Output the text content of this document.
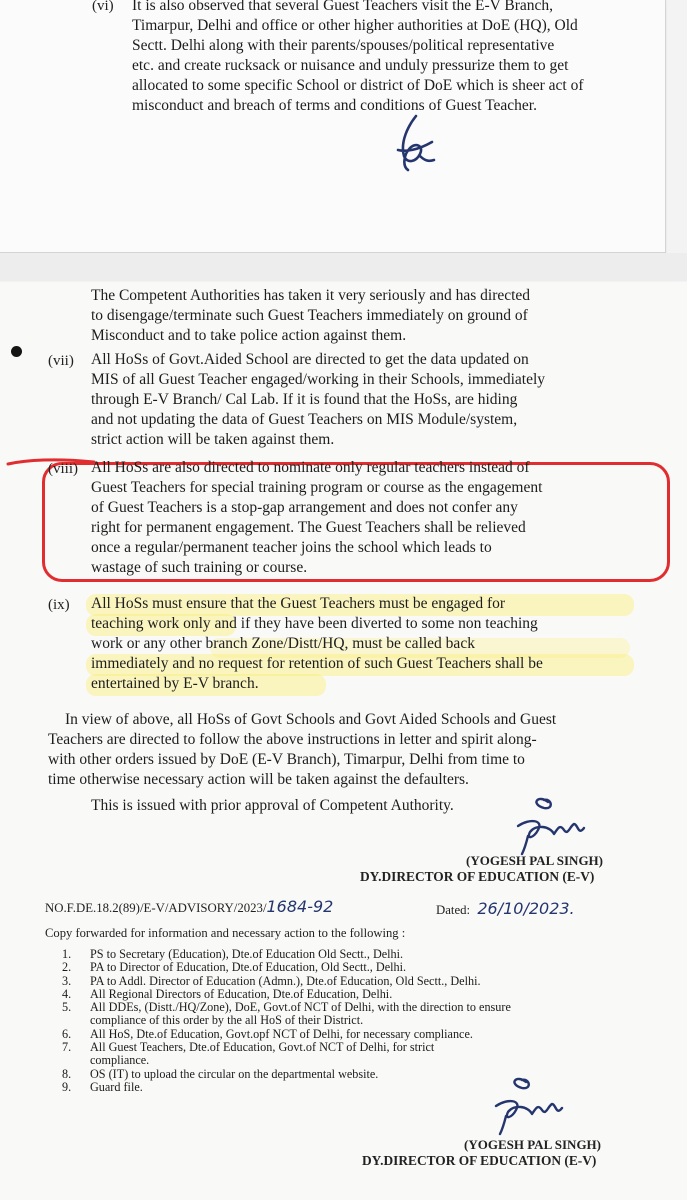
(vi) It is also observed that several Guest Teachers visit the E-V Branch,
Timarpur, Delhi and office or other higher authorities at DoE (HQ), Old
Sectt. Delhi along with their parents/spouses/political representative
etc. and create rucksack or nuisance and unduly pressurize them to get
allocated to some specific School or district of DoE which is sheer act of
misconduct and breach of terms and conditions of Guest Teacher.
The Competent Authorities has taken it very seriously and has directed
to disengage/terminate such Guest Teachers immediately on ground of
Misconduct and to take police action against them.
(vii) All HoSs of Govt.Aided School are directed to get the data updated on
MIS of all Guest Teacher engaged/working in their Schools, immediately
through E-V Branch/ Cal Lab. If it is found that the HoSs, are hiding
and not updating the data of Guest Teachers on MIS Module/system,
strict action will be taken against them.
(viii) All HoSs are also directed to nominate only regular teachers instead of
Guest Teachers for special training program or course as the engagement
of Guest Teachers is a stop-gap arrangement and does not confer any
right for permanent engagement. The Guest Teachers shall be relieved
once a regular/permanent teacher joins the school which leads to
wastage of such training or course.
(ix) All HoSs must ensure that the Guest Teachers must be engaged for
teaching work only and if they have been diverted to some non teaching
work or any other branch Zone/Distt/HQ, must be called back
immediately and no request for retention of such Guest Teachers shall be
entertained by E-V branch.
In view of above, all HoSs of Govt Schools and Govt Aided Schools and Guest
Teachers are directed to follow the above instructions in letter and spirit along-
with other orders issued by DoE (E-V Branch), Timarpur, Delhi from time to
time otherwise necessary action will be taken against the defaulters.
This is issued with prior approval of Competent Authority.
(YOGESH PAL SINGH)
DY.DIRECTOR OF EDUCATION (E-V)
NO.F.DE.18.2(89)/E-V/ADVISORY/2023/1684-92	Dated: 26/10/2023.
Copy forwarded for information and necessary action to the following :
1.	PS to Secretary (Education), Dte.of Education Old Sectt., Delhi.
2.	PA to Director of Education, Dte.of Education, Old Sectt., Delhi.
3.	PA to Addl. Director of Education (Admn.), Dte.of Education, Old Sectt., Delhi.
4.	All Regional Directors of Education, Dte.of Education, Delhi.
5.	All DDEs, (Distt./HQ/Zone), DoE, Govt.of NCT of Delhi, with the direction to ensure
compliance of this order by the all HoS of their District.
6.	All HoS, Dte.of Education, Govt.opf NCT of Delhi, for necessary compliance.
7.	All Guest Teachers, Dte.of Education, Govt.of NCT of Delhi, for strict
compliance.
8.	OS (IT) to upload the circular on the departmental website.
9.	Guard file.
(YOGESH PAL SINGH)
DY.DIRECTOR OF EDUCATION (E-V)
